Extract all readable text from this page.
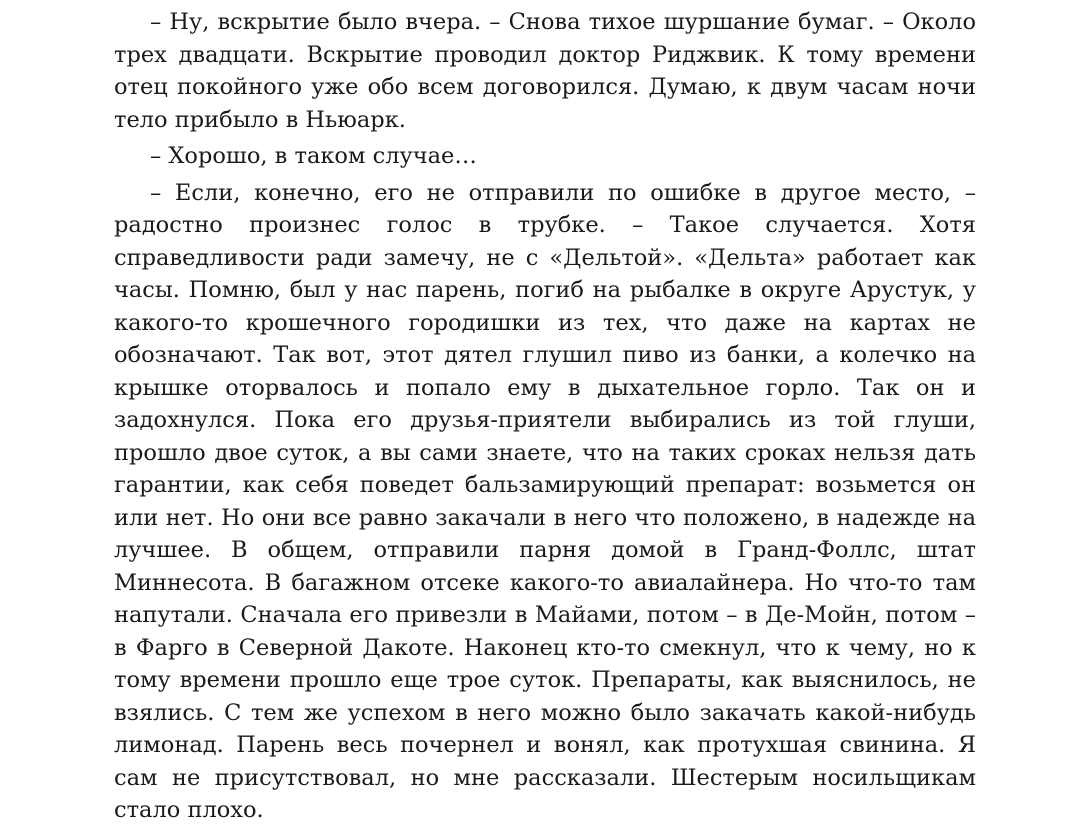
– Ну, вскрытие было вчера. – Снова тихое шуршание бумаг. – Около трех двадцати. Вскрытие проводил доктор Риджвик. К тому времени отец покойного уже обо всем договорился. Думаю, к двум часам ночи тело прибыло в Ньюарк.

– Хорошо, в таком случае…

– Если, конечно, его не отправили по ошибке в другое место, – радостно произнес голос в трубке. – Такое случается. Хотя справедливости ради замечу, не с «Дельтой». «Дельта» работает как часы. Помню, был у нас парень, погиб на рыбалке в округе Арустук, у какого-то крошечного городишки из тех, что даже на картах не обозначают. Так вот, этот дятел глушил пиво из банки, а колечко на крышке оторвалось и попало ему в дыхательное горло. Так он и задохнулся. Пока его друзья-приятели выбирались из той глуши, прошло двое суток, а вы сами знаете, что на таких сроках нельзя дать гарантии, как себя поведет бальзамирующий препарат: возьмется он или нет. Но они все равно закачали в него что положено, в надежде на лучшее. В общем, отправили парня домой в Гранд-Фоллс, штат Миннесота. В багажном отсеке какого-то авиалайнера. Но что-то там напутали. Сначала его привезли в Майами, потом – в Де-Мойн, потом – в Фарго в Северной Дакоте. Наконец кто-то смекнул, что к чему, но к тому времени прошло еще трое суток. Препараты, как выяснилось, не взялись. С тем же успехом в него можно было закачать какой-нибудь лимонад. Парень весь почернел и вонял, как протухшая свинина. Я сам не присутствовал, но мне рассказали. Шестерым носильщикам стало плохо.
